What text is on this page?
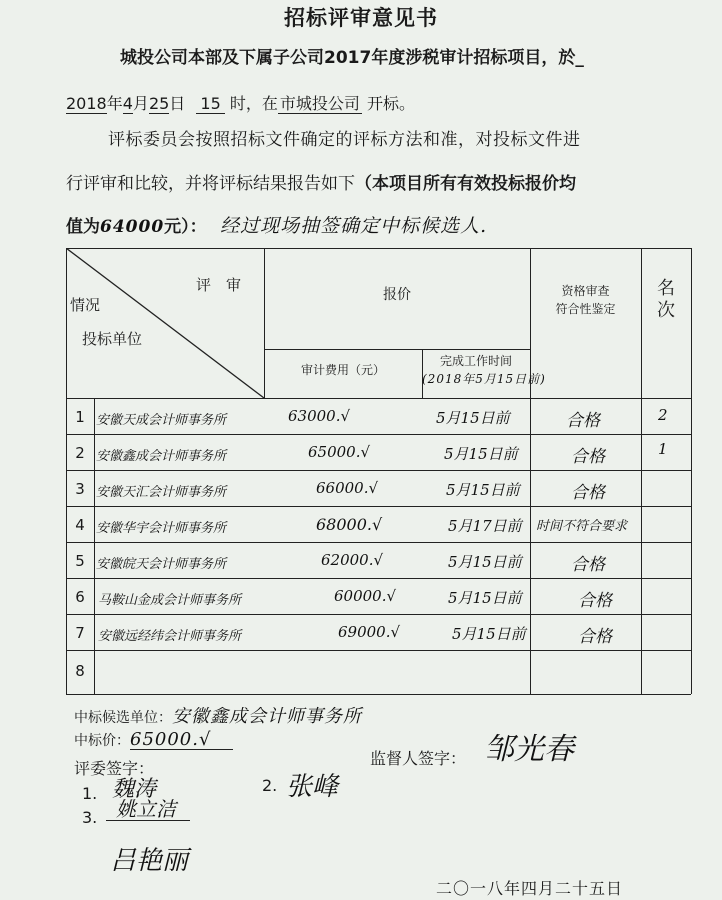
招标评审意见书
城投公司本部及下属子公司2017年度涉税审计招标项目，於_
2018年4月25日 15 时，在 市城投公司 开标。
评标委员会按照招标文件确定的评标方法和准，对投标文件进
行评审和比较，并将评标结果报告如下（本项目所有有效投标报价均
值为64000元）： 经过现场抽签确定中标候选人.
评　审
情况
投标单位
报价
审计费用（元）
完成工作时间
(2018年5月15日前)
资格审查
符合性鉴定
名
次
1 安徽天成会计师事务所	63000.√	5月15日前	合格	2
2 安徽鑫成会计师事务所	65000.√	5月15日前	合格	1
3 安徽天汇会计师事务所	66000.√	5月15日前	合格
4 安徽华宇会计师事务所	68000.√	5月17日前 时间不符合要求
5 安徽皖天会计师事务所	62000.√	5月15日前	合格
6	马鞍山金成会计师事务所	60000.√	5月15日前	合格
7	安徽远经纬会计师事务所	69000.√	5月15日前	合格
8
中标候选单位：安徽鑫成会计师事务所
中标价：65000.√
评委签字：
监督人签字： 邹光春
1. 魏涛	2. 张峰
3. 姚立洁
吕艳丽
二〇一八年四月二十五日
